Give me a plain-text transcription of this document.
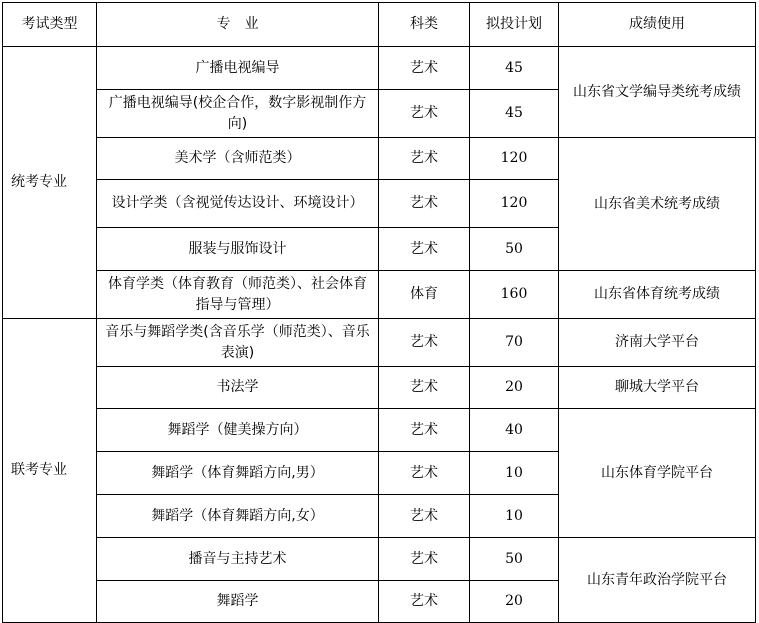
考试类型	专　业	科类	拟投计划	成绩使用
统考专业	广播电视编导	艺术	45	山东省文学编导类统考成绩
	广播电视编导(校企合作，数字影视制作方向)	艺术	45	
	美术学（含师范类）	艺术	120	山东省美术统考成绩
	设计学类（含视觉传达设计、环境设计）	艺术	120	
	服装与服饰设计	艺术	50	
	体育学类（体育教育（师范类）、社会体育指导与管理）	体育	160	山东省体育统考成绩
联考专业	音乐与舞蹈学类(含音乐学（师范类）、音乐表演)	艺术	70	济南大学平台
	书法学	艺术	20	聊城大学平台
	舞蹈学（健美操方向）	艺术	40	山东体育学院平台
	舞蹈学（体育舞蹈方向,男）	艺术	10	
	舞蹈学（体育舞蹈方向,女）	艺术	10	
	播音与主持艺术	艺术	50	山东青年政治学院平台
	舞蹈学	艺术	20	
